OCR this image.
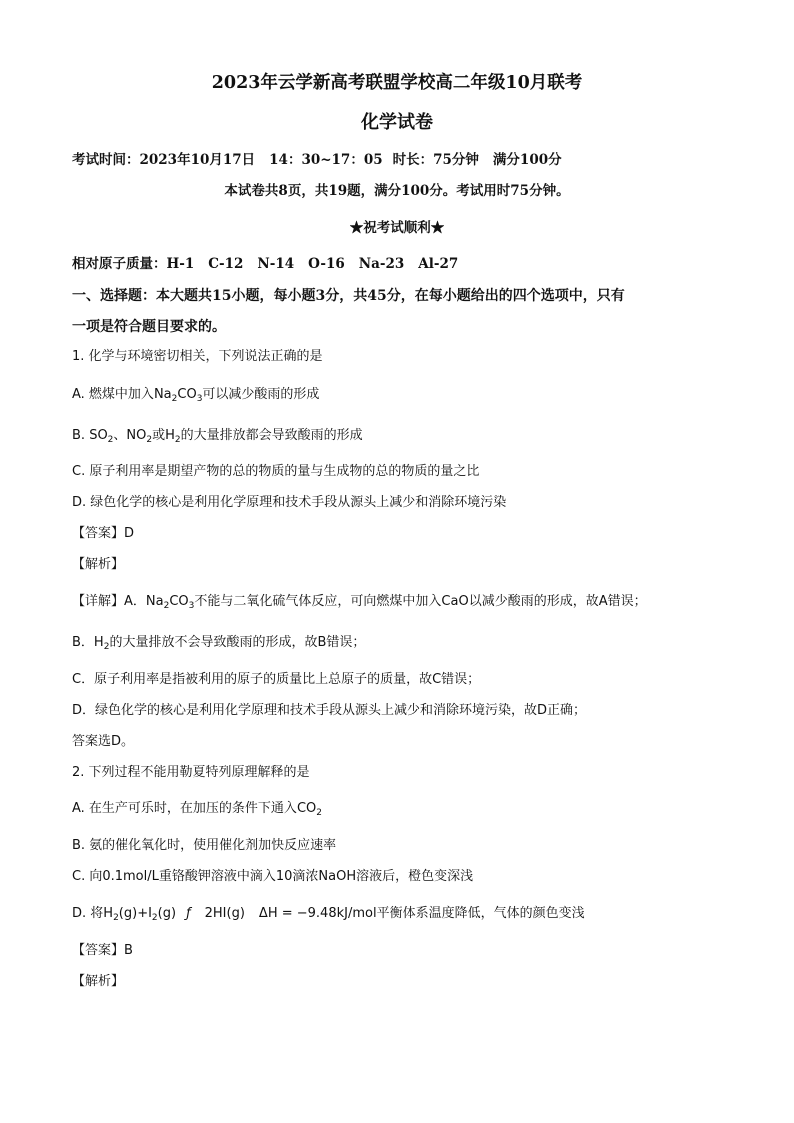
2023年云学新高考联盟学校高二年级10月联考
化学试卷
考试时间：2023年10月17日 14：30~17：05 时长：75分钟 满分100分
本试卷共8页，共19题，满分100分。考试用时75分钟。
★祝考试顺利★
相对原子质量：H-1 C-12 N-14 O-16 Na-23 Al-27
一、选择题：本大题共15小题，每小题3分，共45分，在每小题给出的四个选项中，只有
一项是符合题目要求的。
1. 化学与环境密切相关，下列说法正确的是
A. 燃煤中加入$Na_2CO_3$可以减少酸雨的形成
B. $SO_2$、$NO_2$或$H_2$的大量排放都会导致酸雨的形成
C. 原子利用率是期望产物的总的物质的量与生成物的总的物质的量之比
D. 绿色化学的核心是利用化学原理和技术手段从源头上减少和消除环境污染
【答案】D
【解析】
【详解】A．$Na_2CO_3$不能与二氧化硫气体反应，可向燃煤中加入CaO以减少酸雨的形成，故A错误；
B．$H_2$的大量排放不会导致酸雨的形成，故B错误；
C．原子利用率是指被利用的原子的质量比上总原子的质量，故C错误；
D．绿色化学的核心是利用化学原理和技术手段从源头上减少和消除环境污染，故D正确；
答案选D。
2. 下列过程不能用勒夏特列原理解释的是
A. 在生产可乐时，在加压的条件下通入$CO_2$
B. 氨的催化氧化时，使用催化剂加快反应速率
C. 向0.1mol/L重铬酸钾溶液中滴入10滴浓NaOH溶液后，橙色变深浅
D. 将$H_2(g)+I_2(g)$ ƒ 2HI(g) ΔH = −9.48kJ/mol平衡体系温度降低，气体的颜色变浅
【答案】B
【解析】
